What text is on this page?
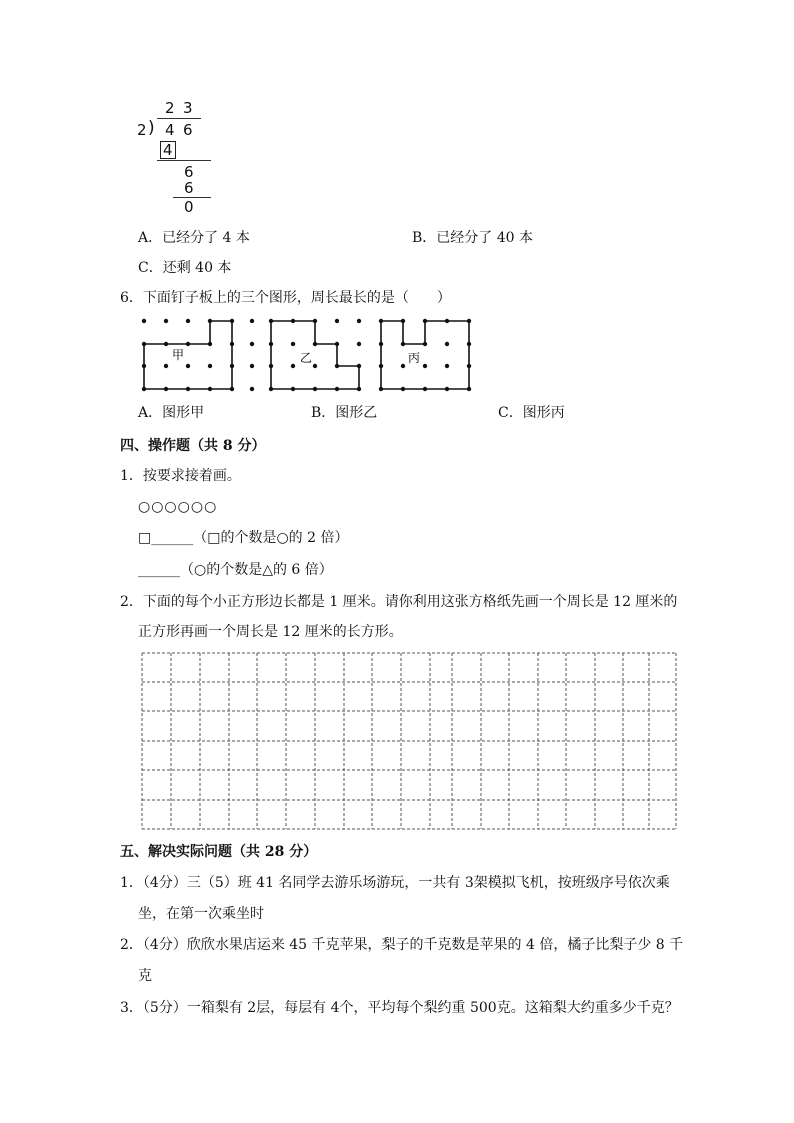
2 3
2 ) 4 6
4
6
6
0
A．已经分了 4 本	B．已经分了 40 本
C．还剩 40 本
6．下面钉子板上的三个图形，周长最长的是（　　）
甲	乙	丙
A．图形甲	B．图形乙	C．图形丙
四、操作题（共 8 分）
1．按要求接着画。
○○○○○○
□______（□的个数是○的 2 倍）
______（○的个数是△的 6 倍）
2．下面的每个小正方形边长都是 1 厘米。请你利用这张方格纸先画一个周长是 12 厘米的
正方形再画一个周长是 12 厘米的长方形。
五、解决实际问题（共 28 分）
1．（4分）三（5）班 41 名同学去游乐场游玩，一共有 3架模拟飞机，按班级序号依次乘
坐，在第一次乘坐时
2．（4分）欣欣水果店运来 45 千克苹果，梨子的千克数是苹果的 4 倍，橘子比梨子少 8 千
克
3．（5分）一箱梨有 2层，每层有 4个，平均每个梨约重 500克。这箱梨大约重多少千克？
